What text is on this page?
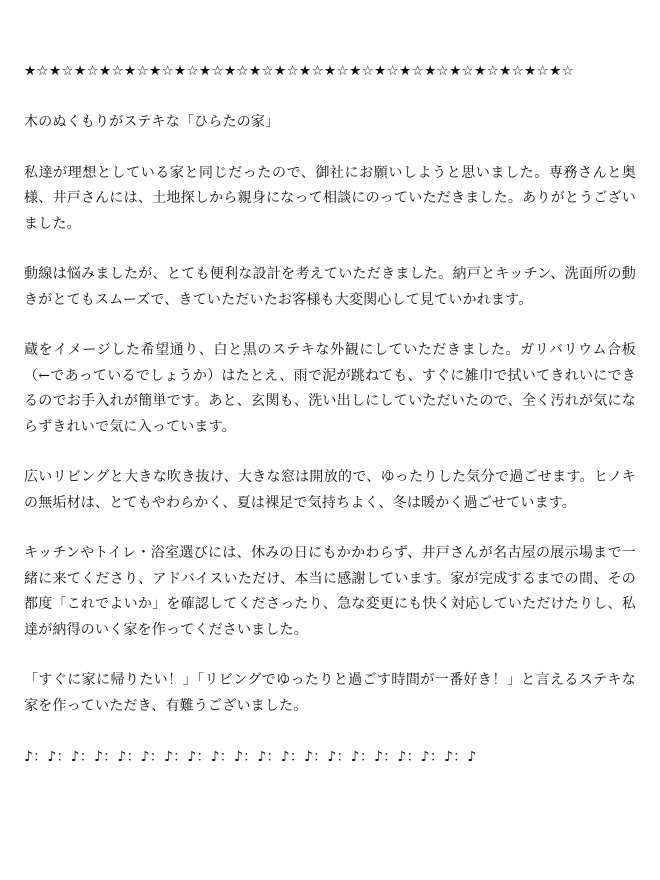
★☆★☆★☆★☆★☆★☆★☆★☆★☆★☆★☆★☆★☆★☆★☆★☆★☆★☆★☆★☆★☆★☆
木のぬくもりがステキな「ひらたの家」
私達が理想としている家と同じだったので、御社にお願いしようと思いました。専務さんと奥様、井戸さんには、土地探しから親身になって相談にのっていただきました。ありがとうございました。
動線は悩みましたが、とても便利な設計を考えていただきました。納戸とキッチン、洗面所の動きがとてもスムーズで、きていただいたお客様も大変関心して見ていかれます。
蔵をイメージした希望通り、白と黒のステキな外観にしていただきました。ガリバリウム合板（←であっているでしょうか）はたとえ、雨で泥が跳ねても、すぐに雑巾で拭いてきれいにできるのでお手入れが簡単です。あと、玄関も、洗い出しにしていただいたので、全く汚れが気にならずきれいで気に入っています。
広いリビングと大きな吹き抜け、大きな窓は開放的で、ゆったりした気分で過ごせます。ヒノキの無垢材は、とてもやわらかく、夏は裸足で気持ちよく、冬は暖かく過ごせています。
キッチンやトイレ・浴室選びには、休みの日にもかかわらず、井戸さんが名古屋の展示場まで一緒に来てくださり、アドバイスいただけ、本当に感謝しています。家が完成するまでの間、その都度「これでよいか」を確認してくださったり、急な変更にも快く対応していただけたりし、私達が納得のいく家を作ってくださいました。
「すぐに家に帰りたい！」「リビングでゆったりと過ごす時間が一番好き！」と言えるステキな家を作っていただき、有難うございました。
♪：♪：♪：♪：♪：♪：♪：♪：♪：♪：♪：♪：♪：♪：♪：♪：♪：♪：♪：♪
